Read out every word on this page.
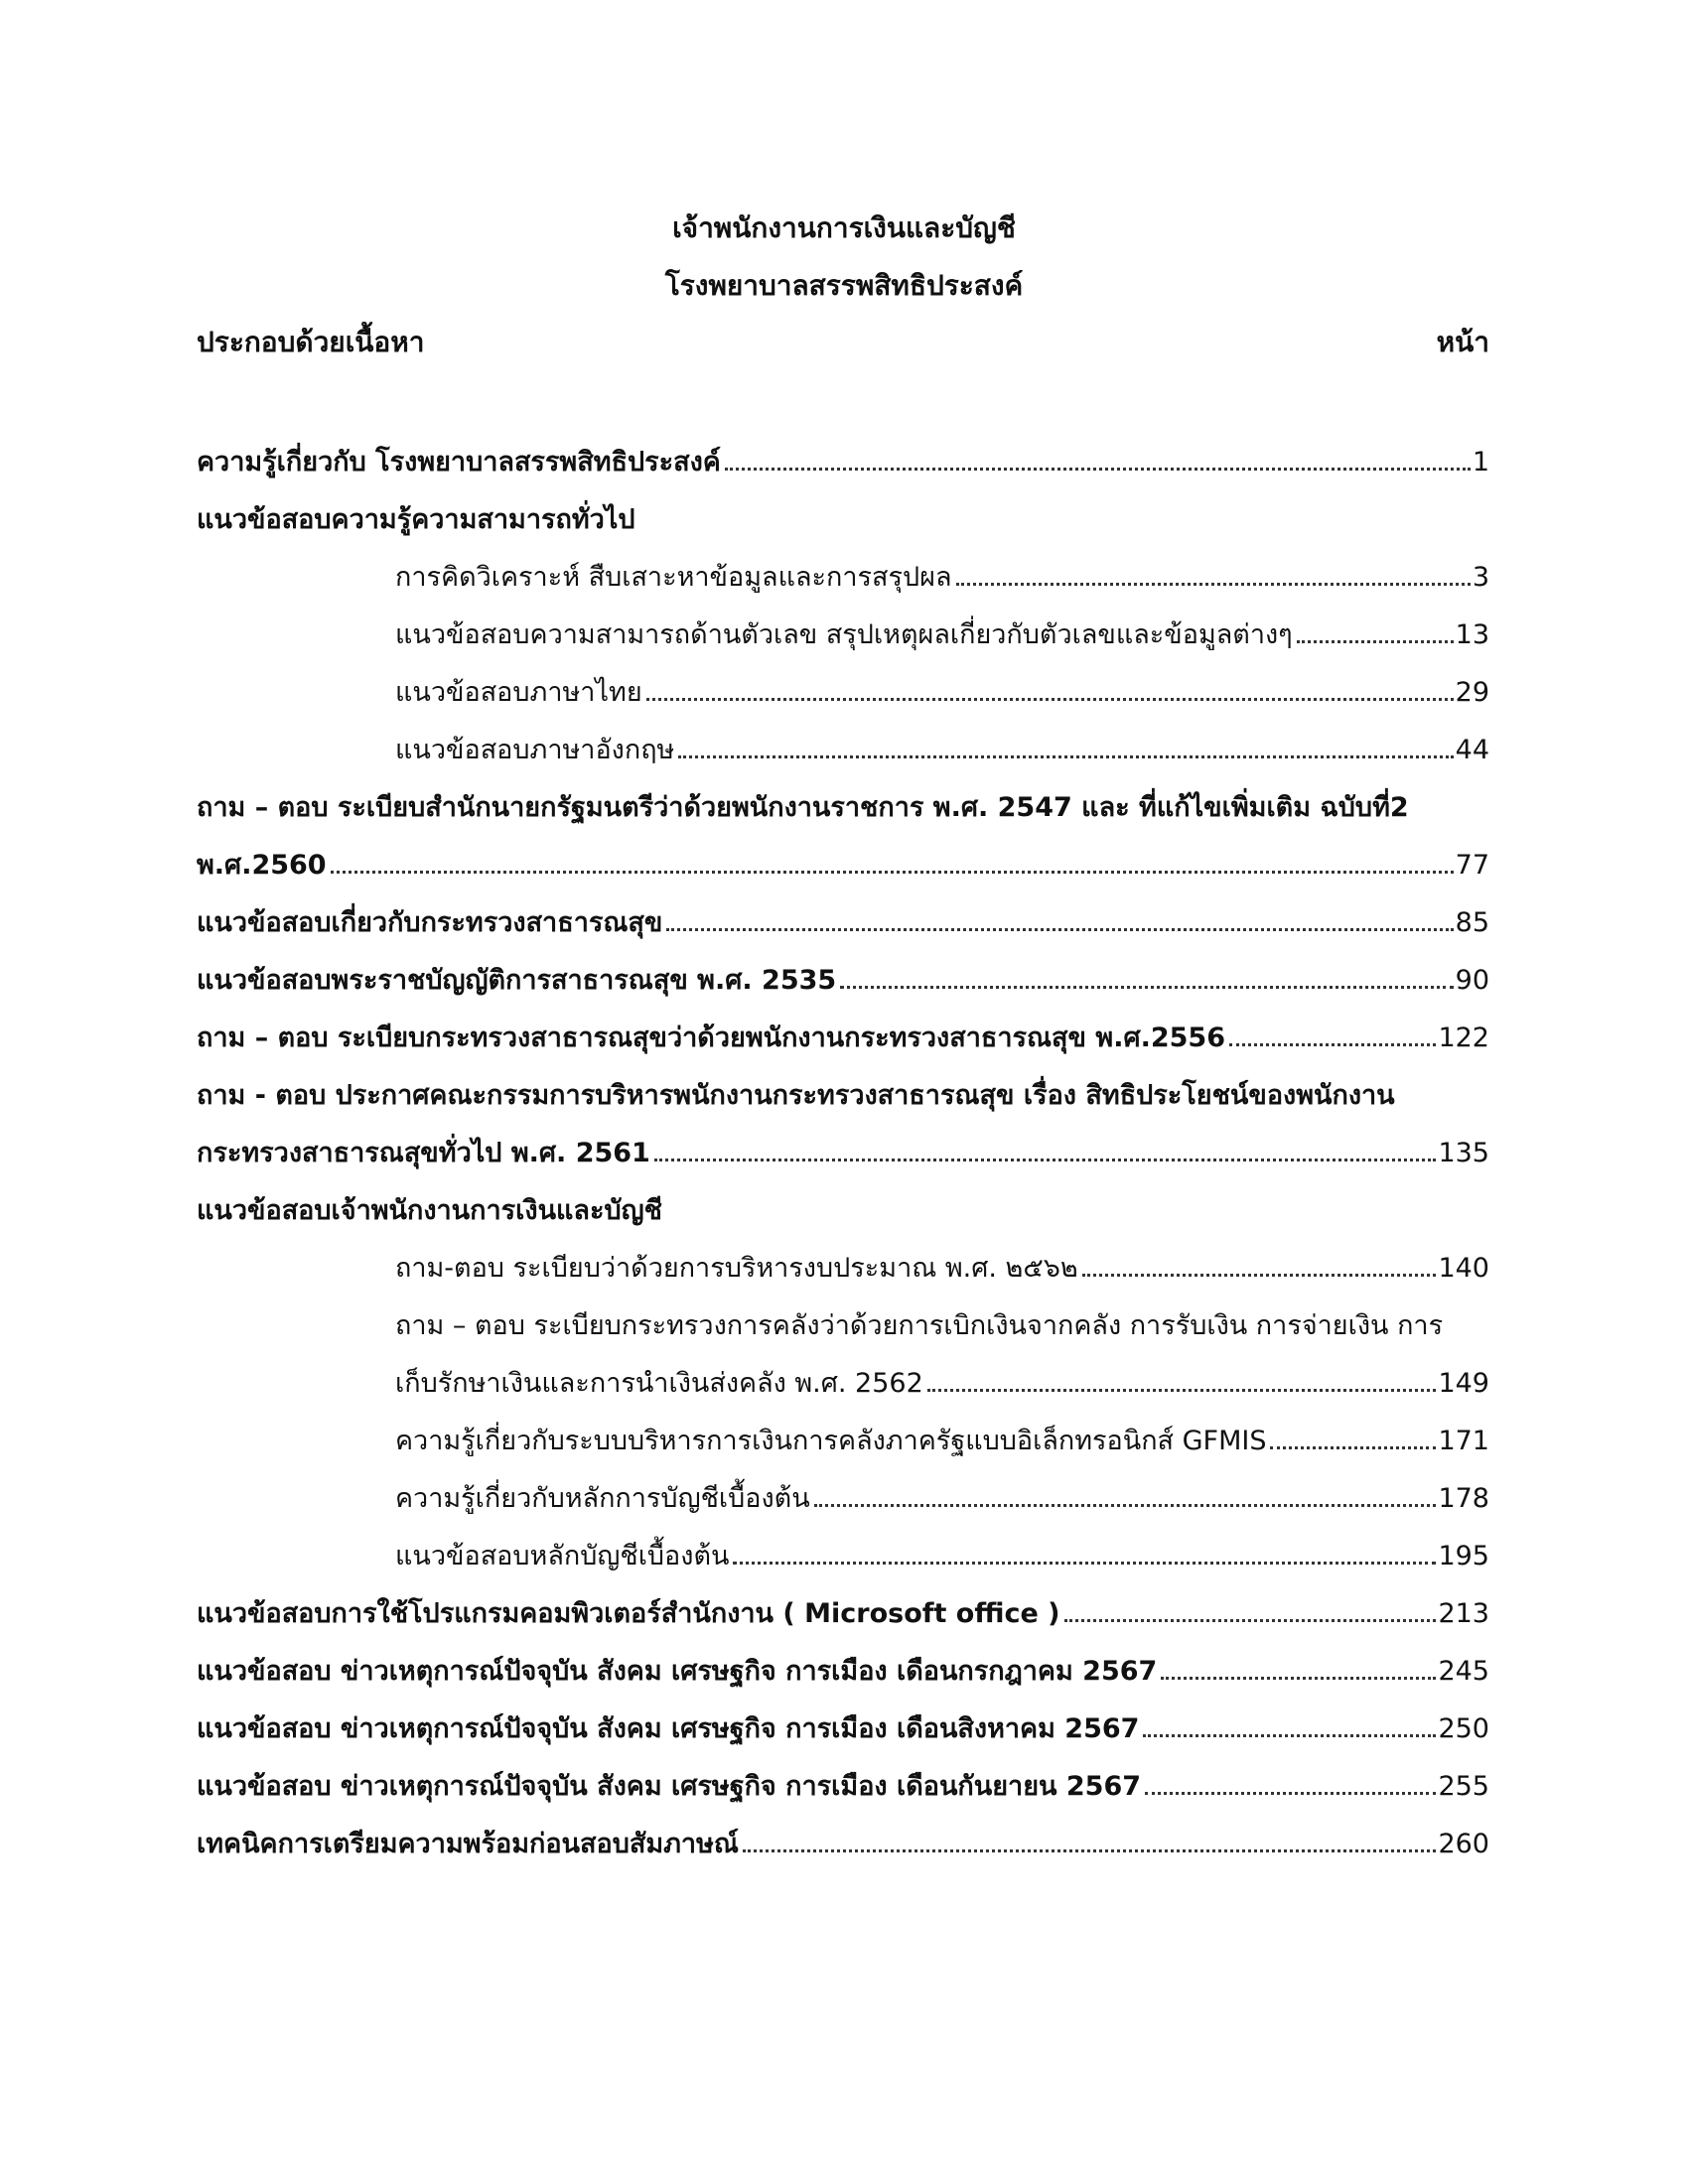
เจ้าพนักงานการเงินและบัญชี
โรงพยาบาลสรรพสิทธิประสงค์
ประกอบด้วยเนื้อหา	หน้า
ความรู้เกี่ยวกับ โรงพยาบาลสรรพสิทธิประสงค์	1
แนวข้อสอบความรู้ความสามารถทั่วไป
การคิดวิเคราะห์ สืบเสาะหาข้อมูลและการสรุปผล	3
แนวข้อสอบความสามารถด้านตัวเลข สรุปเหตุผลเกี่ยวกับตัวเลขและข้อมูลต่างๆ	13
แนวข้อสอบภาษาไทย	29
แนวข้อสอบภาษาอังกฤษ	44
ถาม – ตอบ ระเบียบสำนักนายกรัฐมนตรีว่าด้วยพนักงานราชการ พ.ศ. 2547 และ ที่แก้ไขเพิ่มเติม ฉบับที่2
พ.ศ.2560	77
แนวข้อสอบเกี่ยวกับกระทรวงสาธารณสุข	85
แนวข้อสอบพระราชบัญญัติการสาธารณสุข พ.ศ. 2535	90
ถาม – ตอบ ระเบียบกระทรวงสาธารณสุขว่าด้วยพนักงานกระทรวงสาธารณสุข พ.ศ.2556	122
ถาม - ตอบ ประกาศคณะกรรมการบริหารพนักงานกระทรวงสาธารณสุข เรื่อง สิทธิประโยชน์ของพนักงาน
กระทรวงสาธารณสุขทั่วไป พ.ศ. 2561	135
แนวข้อสอบเจ้าพนักงานการเงินและบัญชี
ถาม-ตอบ ระเบียบว่าด้วยการบริหารงบประมาณ พ.ศ. ๒๕๖๒	140
ถาม – ตอบ ระเบียบกระทรวงการคลังว่าด้วยการเบิกเงินจากคลัง การรับเงิน การจ่ายเงิน การ
เก็บรักษาเงินและการนำเงินส่งคลัง พ.ศ. 2562	149
ความรู้เกี่ยวกับระบบบริหารการเงินการคลังภาครัฐแบบอิเล็กทรอนิกส์ GFMIS	171
ความรู้เกี่ยวกับหลักการบัญชีเบื้องต้น	178
แนวข้อสอบหลักบัญชีเบื้องต้น	195
แนวข้อสอบการใช้โปรแกรมคอมพิวเตอร์สำนักงาน ( Microsoft office )	213
แนวข้อสอบ ข่าวเหตุการณ์ปัจจุบัน สังคม เศรษฐกิจ การเมือง เดือนกรกฎาคม 2567	245
แนวข้อสอบ ข่าวเหตุการณ์ปัจจุบัน สังคม เศรษฐกิจ การเมือง เดือนสิงหาคม 2567	250
แนวข้อสอบ ข่าวเหตุการณ์ปัจจุบัน สังคม เศรษฐกิจ การเมือง เดือนกันยายน 2567	255
เทคนิคการเตรียมความพร้อมก่อนสอบสัมภาษณ์	260
